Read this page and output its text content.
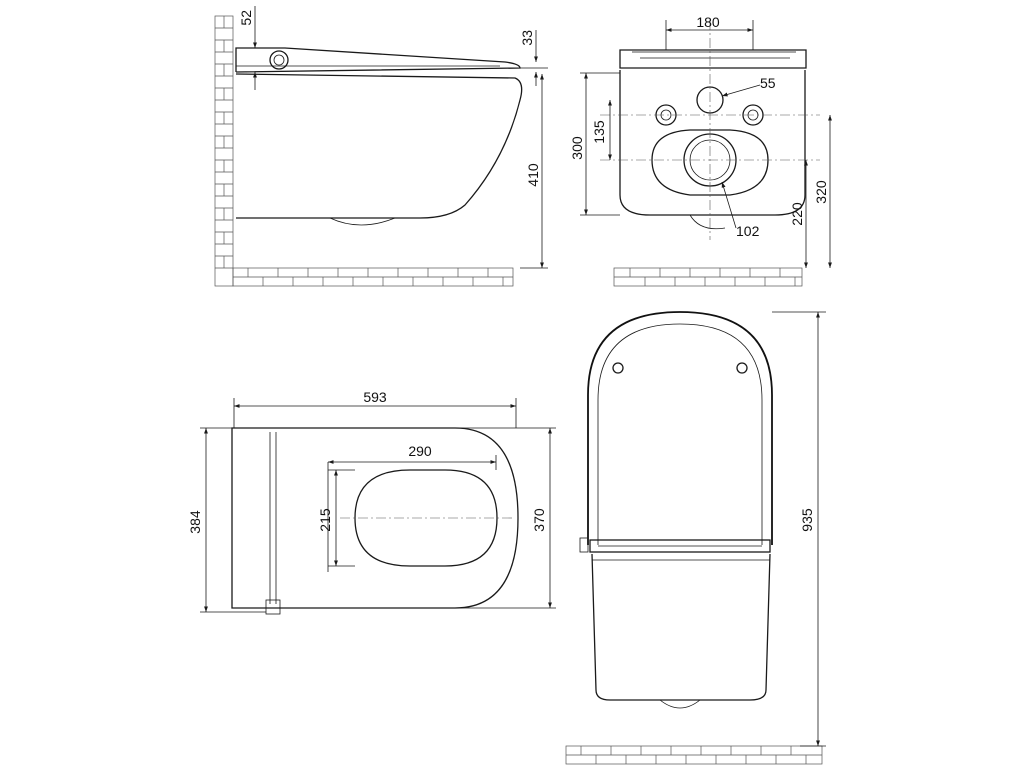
52
33
410
180
55
300
135
102
220
320
593
290
215
384	370	935
